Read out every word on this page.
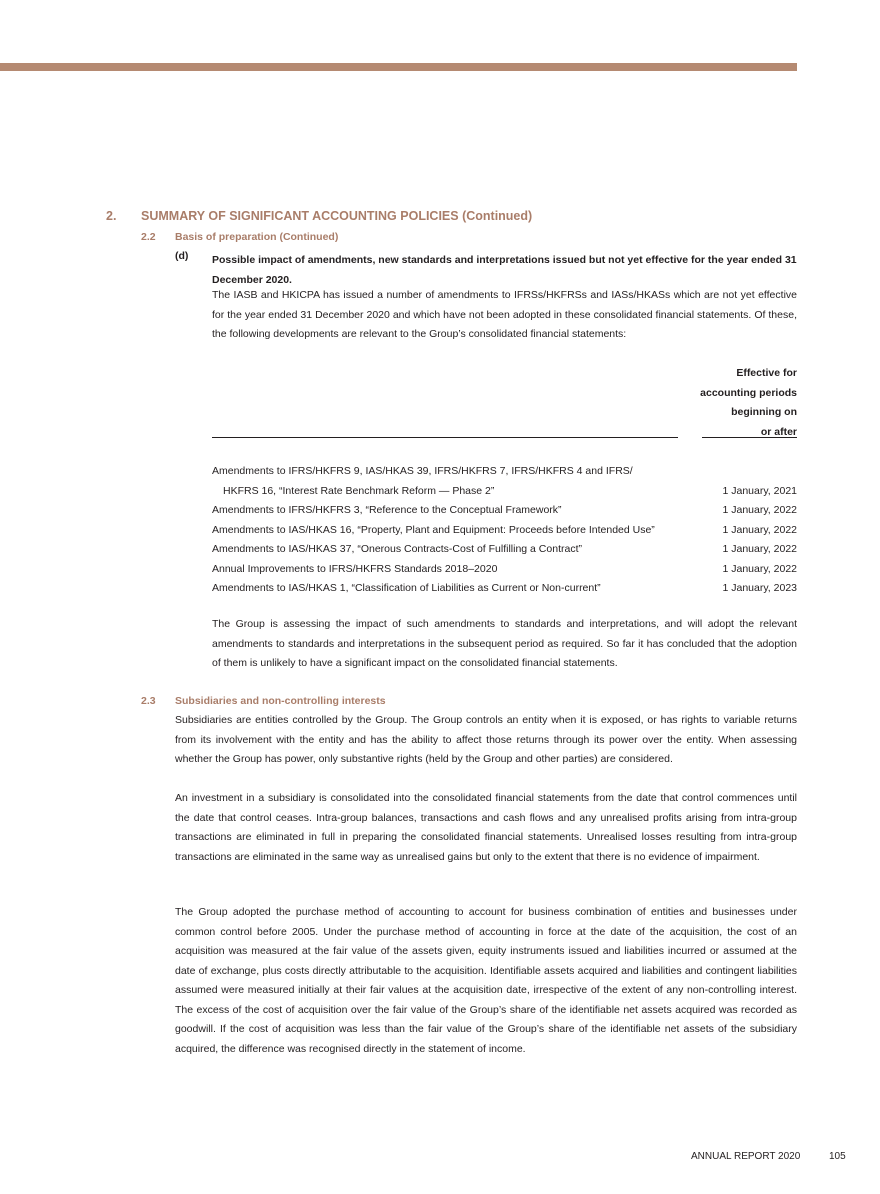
2. SUMMARY OF SIGNIFICANT ACCOUNTING POLICIES (Continued)
2.2 Basis of preparation (Continued)
(d) Possible impact of amendments, new standards and interpretations issued but not yet effective for the year ended 31 December 2020.
The IASB and HKICPA has issued a number of amendments to IFRSs/HKFRSs and IASs/HKASs which are not yet effective for the year ended 31 December 2020 and which have not been adopted in these consolidated financial statements. Of these, the following developments are relevant to the Group’s consolidated financial statements:
Effective for
accounting periods
beginning on
or after
Amendments to IFRS/HKFRS 9, IAS/HKAS 39, IFRS/HKFRS 7, IFRS/HKFRS 4 and IFRS/
HKFRS 16, “Interest Rate Benchmark Reform — Phase 2”	1 January, 2021
Amendments to IFRS/HKFRS 3, “Reference to the Conceptual Framework”	1 January, 2022
Amendments to IAS/HKAS 16, “Property, Plant and Equipment: Proceeds before Intended Use”	1 January, 2022
Amendments to IAS/HKAS 37, “Onerous Contracts-Cost of Fulfilling a Contract”	1 January, 2022
Annual Improvements to IFRS/HKFRS Standards 2018–2020	1 January, 2022
Amendments to IAS/HKAS 1, “Classification of Liabilities as Current or Non-current”	1 January, 2023
The Group is assessing the impact of such amendments to standards and interpretations, and will adopt the relevant amendments to standards and interpretations in the subsequent period as required. So far it has concluded that the adoption of them is unlikely to have a significant impact on the consolidated financial statements.
2.3 Subsidiaries and non-controlling interests
Subsidiaries are entities controlled by the Group. The Group controls an entity when it is exposed, or has rights to variable returns from its involvement with the entity and has the ability to affect those returns through its power over the entity. When assessing whether the Group has power, only substantive rights (held by the Group and other parties) are considered.
An investment in a subsidiary is consolidated into the consolidated financial statements from the date that control commences until the date that control ceases. Intra-group balances, transactions and cash flows and any unrealised profits arising from intra-group transactions are eliminated in full in preparing the consolidated financial statements. Unrealised losses resulting from intra-group transactions are eliminated in the same way as unrealised gains but only to the extent that there is no evidence of impairment.
The Group adopted the purchase method of accounting to account for business combination of entities and businesses under common control before 2005. Under the purchase method of accounting in force at the date of the acquisition, the cost of an acquisition was measured at the fair value of the assets given, equity instruments issued and liabilities incurred or assumed at the date of exchange, plus costs directly attributable to the acquisition. Identifiable assets acquired and liabilities and contingent liabilities assumed were measured initially at their fair values at the acquisition date, irrespective of the extent of any non-controlling interest. The excess of the cost of acquisition over the fair value of the Group’s share of the identifiable net assets acquired was recorded as goodwill. If the cost of acquisition was less than the fair value of the Group’s share of the identifiable net assets of the subsidiary acquired, the difference was recognised directly in the statement of income.
ANNUAL REPORT 2020	105
